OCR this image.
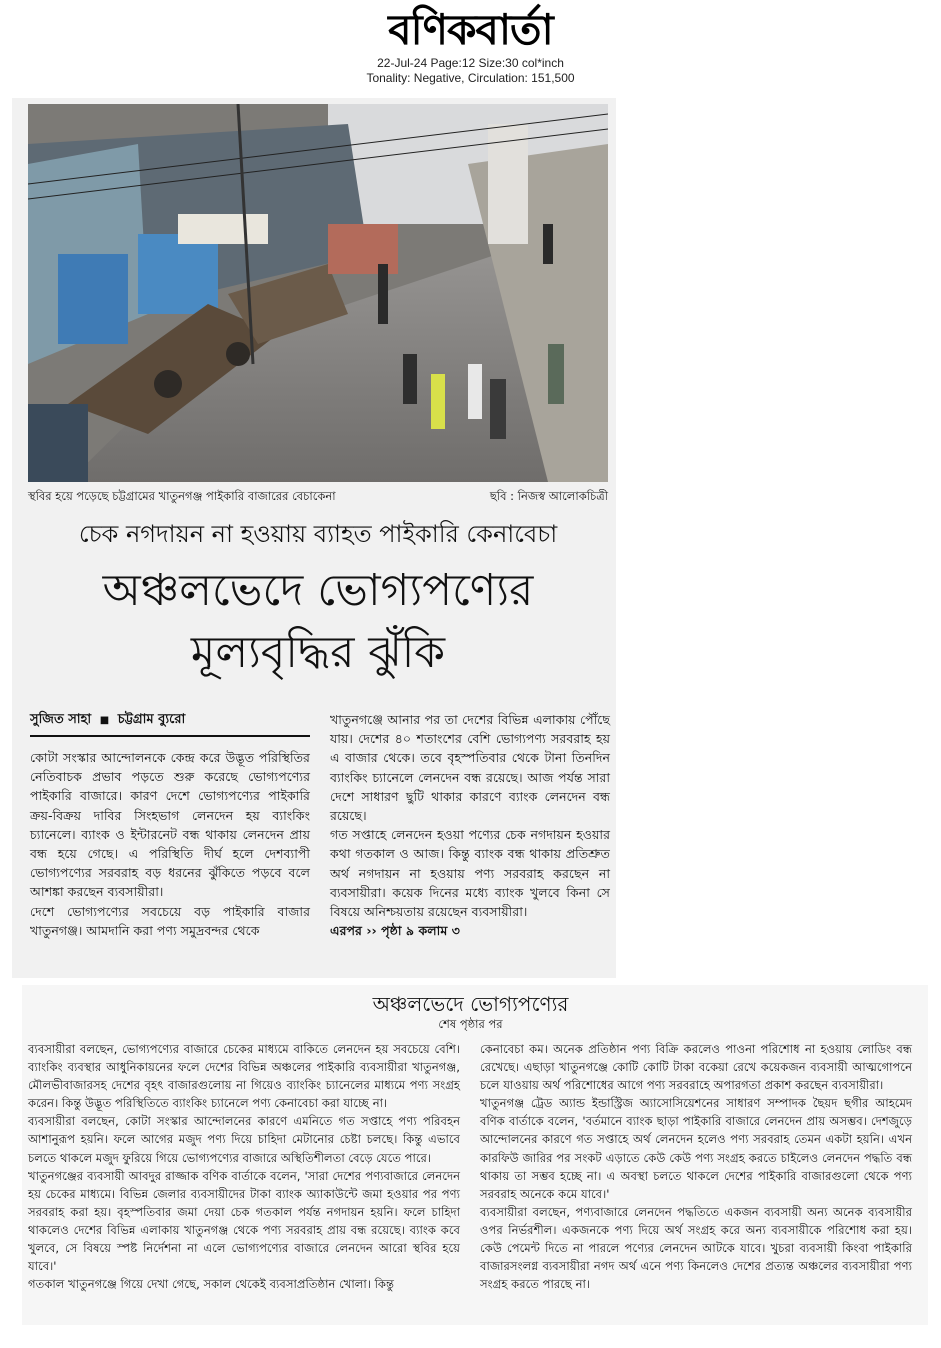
বণিকবার্তা
22-Jul-24 Page:12 Size:30 col*inch
Tonality: Negative, Circulation: 151,500
স্থবির হয়ে পড়েছে চট্টগ্রামের খাতুনগঞ্জ পাইকারি বাজারের বেচাকেনা	ছবি : নিজস্ব আলোকচিত্রী
চেক নগদায়ন না হওয়ায় ব্যাহত পাইকারি কেনাবেচা
অঞ্চলভেদে ভোগ্যপণ্যের
মূল্যবৃদ্ধির ঝুঁকি
সুজিত সাহা ■ চট্টগ্রাম ব্যুরো

কোটা সংস্কার আন্দোলনকে কেন্দ্র করে উদ্ভূত পরিস্থিতির নেতিবাচক প্রভাব পড়তে শুরু করেছে ভোগ্যপণ্যের পাইকারি বাজারে। কারণ দেশে ভোগ্যপণ্যের পাইকারি ক্রয়-বিক্রয় দাবির সিংহভাগ লেনদেন হয় ব্যাংকিং চ্যানেলে। ব্যাংক ও ইন্টারনেট বন্ধ থাকায় লেনদেন প্রায় বন্ধ হয়ে গেছে। এ পরিস্থিতি দীর্ঘ হলে দেশব্যাপী ভোগ্যপণ্যের সরবরাহ বড় ধরনের ঝুঁকিতে পড়বে বলে আশঙ্কা করছেন ব্যবসায়ীরা।

দেশে ভোগ্যপণ্যের সবচেয়ে বড় পাইকারি বাজার খাতুনগঞ্জ। আমদানি করা পণ্য সমুদ্রবন্দর থেকে

খাতুনগঞ্জে আনার পর তা দেশের বিভিন্ন এলাকায় পৌঁছে যায়। দেশের ৪০ শতাংশের বেশি ভোগ্যপণ্য সরবরাহ হয় এ বাজার থেকে। তবে বৃহস্পতিবার থেকে টানা তিনদিন ব্যাংকিং চ্যানেলে লেনদেন বন্ধ রয়েছে। আজ পর্যন্ত সারা দেশে সাধারণ ছুটি থাকার কারণে ব্যাংক লেনদেন বন্ধ রয়েছে।

গত সপ্তাহে লেনদেন হওয়া পণ্যের চেক নগদায়ন হওয়ার কথা গতকাল ও আজ। কিন্তু ব্যাংক বন্ধ থাকায় প্রতিশ্রুত অর্থ নগদায়ন না হওয়ায় পণ্য সরবরাহ করছেন না ব্যবসায়ীরা। কয়েক দিনের মধ্যে ব্যাংক খুলবে কিনা সে বিষয়ে অনিশ্চয়তায় রয়েছেন ব্যবসায়ীরা।

এরপর ›› পৃষ্ঠা ৯ কলাম ৩

অঞ্চলভেদে ভোগ্যপণ্যের
শেষ পৃষ্ঠার পর

ব্যবসায়ীরা বলছেন, ভোগ্যপণ্যের বাজারে চেকের মাধ্যমে বাকিতে লেনদেন হয় সবচেয়ে বেশি। ব্যাংকিং ব্যবস্থার আধুনিকায়নের ফলে দেশের বিভিন্ন অঞ্চলের পাইকারি ব্যবসায়ীরা খাতুনগঞ্জ, মৌলভীবাজারসহ দেশের বৃহৎ বাজারগুলোয় না গিয়েও ব্যাংকিং চ্যানেলের মাধ্যমে পণ্য সংগ্রহ করেন। কিন্তু উদ্ভূত পরিস্থিতিতে ব্যাংকিং চ্যানেলে পণ্য কেনাবেচা করা যাচ্ছে না।

ব্যবসায়ীরা বলছেন, কোটা সংস্কার আন্দোলনের কারণে এমনিতে গত সপ্তাহে পণ্য পরিবহন আশানুরূপ হয়নি। ফলে আগের মজুদ পণ্য দিয়ে চাহিদা মেটানোর চেষ্টা চলছে। কিন্তু এভাবে চলতে থাকলে মজুদ ফুরিয়ে গিয়ে ভোগ্যপণ্যের বাজারে অস্থিতিশীলতা বেড়ে যেতে পারে।

খাতুনগঞ্জের ব্যবসায়ী আবদুর রাজ্জাক বণিক বার্তাকে বলেন, 'সারা দেশের পণ্যবাজারে লেনদেন হয় চেকের মাধ্যমে। বিভিন্ন জেলার ব্যবসায়ীদের টাকা ব্যাংক অ্যাকাউন্টে জমা হওয়ার পর পণ্য সরবরাহ করা হয়। বৃহস্পতিবার জমা দেয়া চেক গতকাল পর্যন্ত নগদায়ন হয়নি। ফলে চাহিদা থাকলেও দেশের বিভিন্ন এলাকায় খাতুনগঞ্জ থেকে পণ্য সরবরাহ প্রায় বন্ধ রয়েছে। ব্যাংক কবে খুলবে, সে বিষয়ে স্পষ্ট নির্দেশনা না এলে ভোগ্যপণ্যের বাজারে লেনদেন আরো স্থবির হয়ে যাবে।'

গতকাল খাতুনগঞ্জে গিয়ে দেখা গেছে, সকাল থেকেই ব্যবসাপ্রতিষ্ঠান খোলা। কিন্তু

কেনাবেচা কম। অনেক প্রতিষ্ঠান পণ্য বিক্রি করলেও পাওনা পরিশোধ না হওয়ায় লোডিং বন্ধ রেখেছে। এছাড়া খাতুনগঞ্জে কোটি কোটি টাকা বকেয়া রেখে কয়েকজন ব্যবসায়ী আত্মগোপনে চলে যাওয়ায় অর্থ পরিশোধের আগে পণ্য সরবরাহে অপারগতা প্রকাশ করছেন ব্যবসায়ীরা।

খাতুনগঞ্জ ট্রেড অ্যান্ড ইন্ডাস্ট্রিজ অ্যাসোসিয়েশনের সাধারণ সম্পাদক ছৈয়দ ছগীর আহমেদ বণিক বার্তাকে বলেন, 'বর্তমানে ব্যাংক ছাড়া পাইকারি বাজারে লেনদেন প্রায় অসম্ভব। দেশজুড়ে আন্দোলনের কারণে গত সপ্তাহে অর্থ লেনদেন হলেও পণ্য সরবরাহ তেমন একটা হয়নি। এখন কারফিউ জারির পর সংকট এড়াতে কেউ কেউ পণ্য সংগ্রহ করতে চাইলেও লেনদেন পদ্ধতি বন্ধ থাকায় তা সম্ভব হচ্ছে না। এ অবস্থা চলতে থাকলে দেশের পাইকারি বাজারগুলো থেকে পণ্য সরবরাহ অনেকে কমে যাবে।'

ব্যবসায়ীরা বলছেন, পণ্যবাজারে লেনদেন পদ্ধতিতে একজন ব্যবসায়ী অন্য অনেক ব্যবসায়ীর ওপর নির্ভরশীল। একজনকে পণ্য দিয়ে অর্থ সংগ্রহ করে অন্য ব্যবসায়ীকে পরিশোধ করা হয়। কেউ পেমেন্ট দিতে না পারলে পণ্যের লেনদেন আটকে যাবে। খুচরা ব্যবসায়ী কিংবা পাইকারি বাজারসংলগ্ন ব্যবসায়ীরা নগদ অর্থ এনে পণ্য কিনলেও দেশের প্রত্যন্ত অঞ্চলের ব্যবসায়ীরা পণ্য সংগ্রহ করতে পারছে না।
